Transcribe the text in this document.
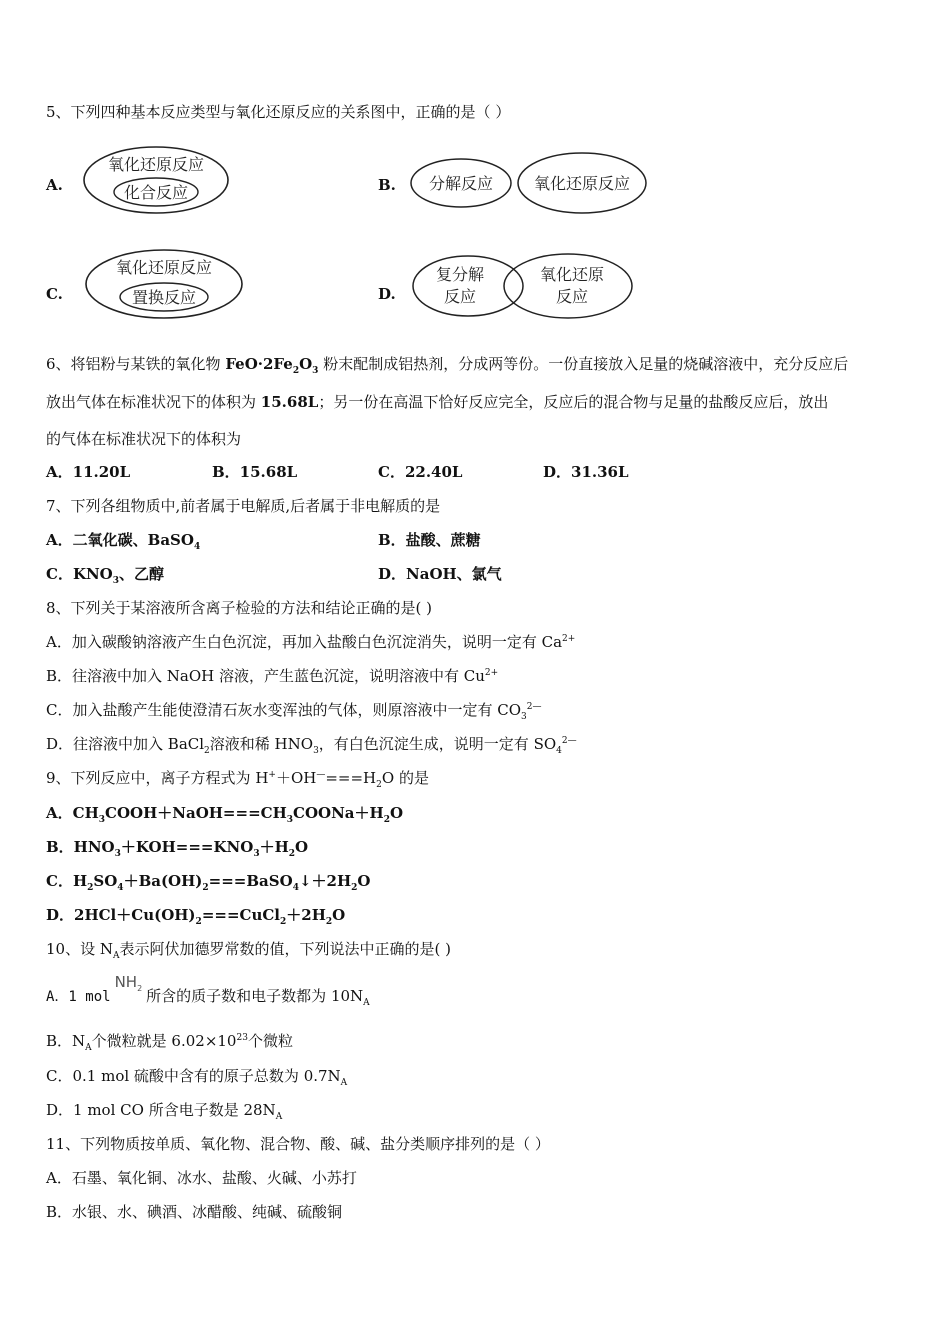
5、下列四种基本反应类型与氧化还原反应的关系图中，正确的是（ ）
A.
氧化还原反应
化合反应	B. 分解反应	氧化还原反应
C.
氧化还原反应
置换反应	D.
复分解
反应
氧化还原
反应
6、将铝粉与某铁的氧化物 $FeO\cdot 2Fe_2O_3$ 粉末配制成铝热剂，分成两等份。一份直接放入足量的烧碱溶液中，充分反应后
放出气体在标准状况下的体积为 15.68L；另一份在高温下恰好反应完全，反应后的混合物与足量的盐酸反应后，放出
的气体在标准状况下的体积为
A．11.20L	B．15.68L	C．22.40L	D．31.36L
7、下列各组物质中,前者属于电解质,后者属于非电解质的是
A．二氧化碳、BaSO$_4$	B．盐酸、蔗糖
C．$KNO_3$、乙醇	D．NaOH、氯气
8、下列关于某溶液所含离子检验的方法和结论正确的是( )
A．加入碳酸钠溶液产生白色沉淀，再加入盐酸白色沉淀消失，说明一定有 $Ca^{2+}$
B．往溶液中加入 NaOH 溶液，产生蓝色沉淀，说明溶液中有 $Cu^{2+}$
C．加入盐酸产生能使澄清石灰水变浑浊的气体，则原溶液中一定有 $CO_3^{2—}$
D．往溶液中加入 BaCl$_2$溶液和稀 $HNO_3$，有白色沉淀生成，说明一定有 $SO_4^{2—}$
9、下列反应中，离子方程式为 $H^++OH^—===H_2O$ 的是
A．$CH_3COOH+NaOH===CH_3COONa+H_2O$
B．$HNO_3+KOH===KNO_3+H_2O$
C．$H_2SO_4+Ba(OH)_2===BaSO_4↓+2H_2O$
D．$2HCl+Cu(OH)_2===CuCl_2+2H_2O$
10、设 $N_A$表示阿伏加德罗常数的值，下列说法中正确的是( )
A．1 molNH$_2$ 所含的质子数和电子数都为 $10N_A$
B．$N_A$个微粒就是 $6.02\times 10^{23}$个微粒
C．0.1 mol 硫酸中含有的原子总数为 $0.7N_A$
D．1 mol CO 所含电子数是 $28N_A$
11、下列物质按单质、氧化物、混合物、酸、碱、盐分类顺序排列的是（ ）
A．石墨、氧化铜、冰水、盐酸、火碱、小苏打
B．水银、水、碘酒、冰醋酸、纯碱、硫酸铜
